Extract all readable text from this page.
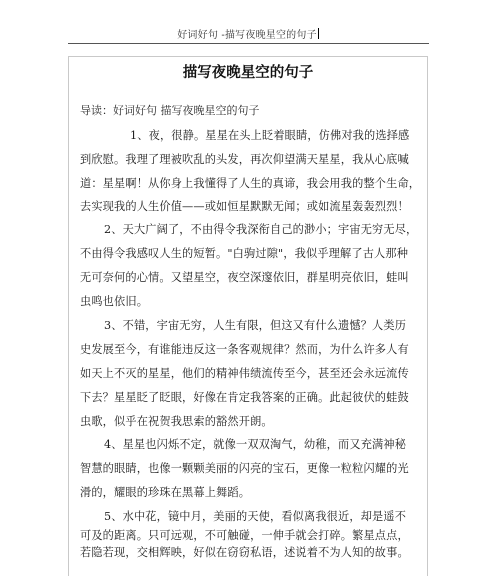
好词好句 -描写夜晚星空的句子
描写夜晚星空的句子
导读：好词好句 描写夜晚星空的句子
1、夜，很静。星星在头上眨着眼睛，仿佛对我的选择感
到欣慰。我理了理被吹乱的头发，再次仰望满天星星，我从心底喊
道：星星啊！从你身上我懂得了人生的真谛，我会用我的整个生命，
去实现我的人生价值——或如恒星默默无闻；或如流星轰轰烈烈！
2、天大广阔了，不由得令我深衔自己的渺小；宇宙无穷无尽，
不由得令我感叹人生的短暂。"白驹过隙"，我似乎理解了古人那种
无可奈何的心情。又望星空，夜空深邃依旧，群星明亮依旧，蛙叫
虫鸣也依旧。
3、不错，宇宙无穷，人生有限，但这又有什么遗憾？人类历
史发展至今，有谁能违反这一条客观规律？然而，为什么许多人有
如天上不灭的星星，他们的精神伟绩流传至今，甚至还会永远流传
下去？星星眨了眨眼，好像在肯定我答案的正确。此起彼伏的蛙鼓
虫歌，似乎在祝贺我思索的豁然开朗。
4、星星也闪烁不定，就像一双双淘气，幼稚，而又充满神秘
智慧的眼睛，也像一颗颗美丽的闪亮的宝石，更像一粒粒闪耀的光
滑的，耀眼的珍珠在黑幕上舞蹈。
5、水中花，镜中月，美丽的天使，看似离我很近，却是遥不
可及的距离。只可远观，不可触碰，一伸手就会打碎。繁星点点，
若隐若现，交相辉映，好似在窃窃私语，述说着不为人知的故事。
